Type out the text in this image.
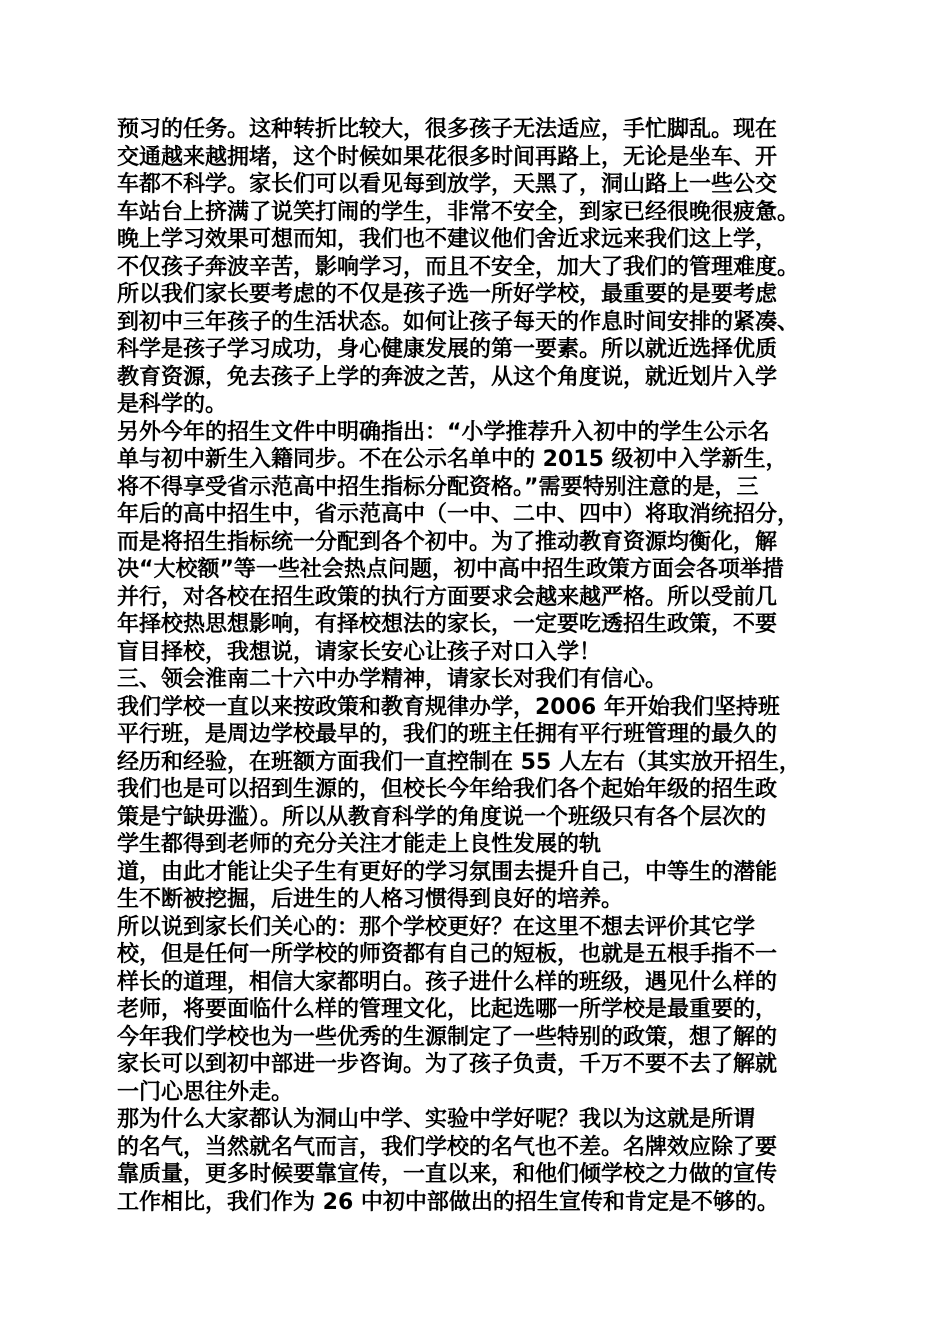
预习的任务。这种转折比较大，很多孩子无法适应，手忙脚乱。现在
交通越来越拥堵，这个时候如果花很多时间再路上，无论是坐车、开
车都不科学。家长们可以看见每到放学，天黑了，洞山路上一些公交
车站台上挤满了说笑打闹的学生，非常不安全，到家已经很晚很疲惫。
晚上学习效果可想而知，我们也不建议他们舍近求远来我们这上学，
不仅孩子奔波辛苦，影响学习，而且不安全，加大了我们的管理难度。
所以我们家长要考虑的不仅是孩子选一所好学校，最重要的是要考虑
到初中三年孩子的生活状态。如何让孩子每天的作息时间安排的紧凑、
科学是孩子学习成功，身心健康发展的第一要素。所以就近选择优质
教育资源，免去孩子上学的奔波之苦，从这个角度说，就近划片入学
是科学的。
另外今年的招生文件中明确指出：“小学推荐升入初中的学生公示名
单与初中新生入籍同步。不在公示名单中的 2015 级初中入学新生，
将不得享受省示范高中招生指标分配资格。”需要特别注意的是，三
年后的高中招生中，省示范高中（一中、二中、四中）将取消统招分，
而是将招生指标统一分配到各个初中。为了推动教育资源均衡化，解
决“大校额”等一些社会热点问题，初中高中招生政策方面会各项举措
并行，对各校在招生政策的执行方面要求会越来越严格。所以受前几
年择校热思想影响，有择校想法的家长，一定要吃透招生政策，不要
盲目择校，我想说，请家长安心让孩子对口入学！
三、领会淮南二十六中办学精神，请家长对我们有信心。
我们学校一直以来按政策和教育规律办学，2006 年开始我们坚持班
平行班，是周边学校最早的，我们的班主任拥有平行班管理的最久的
经历和经验，在班额方面我们一直控制在 55 人左右（其实放开招生，
我们也是可以招到生源的，但校长今年给我们各个起始年级的招生政
策是宁缺毋滥）。所以从教育科学的角度说一个班级只有各个层次的
学生都得到老师的充分关注才能走上良性发展的轨
道，由此才能让尖子生有更好的学习氛围去提升自己，中等生的潜能
生不断被挖掘，后进生的人格习惯得到良好的培养。
所以说到家长们关心的：那个学校更好？在这里不想去评价其它学
校，但是任何一所学校的师资都有自己的短板，也就是五根手指不一
样长的道理，相信大家都明白。孩子进什么样的班级，遇见什么样的
老师，将要面临什么样的管理文化，比起选哪一所学校是最重要的，
今年我们学校也为一些优秀的生源制定了一些特别的政策，想了解的
家长可以到初中部进一步咨询。为了孩子负责，千万不要不去了解就
一门心思往外走。
那为什么大家都认为洞山中学、实验中学好呢？我以为这就是所谓
的名气，当然就名气而言，我们学校的名气也不差。名牌效应除了要
靠质量，更多时候要靠宣传，一直以来，和他们倾学校之力做的宣传
工作相比，我们作为 26 中初中部做出的招生宣传和肯定是不够的。
